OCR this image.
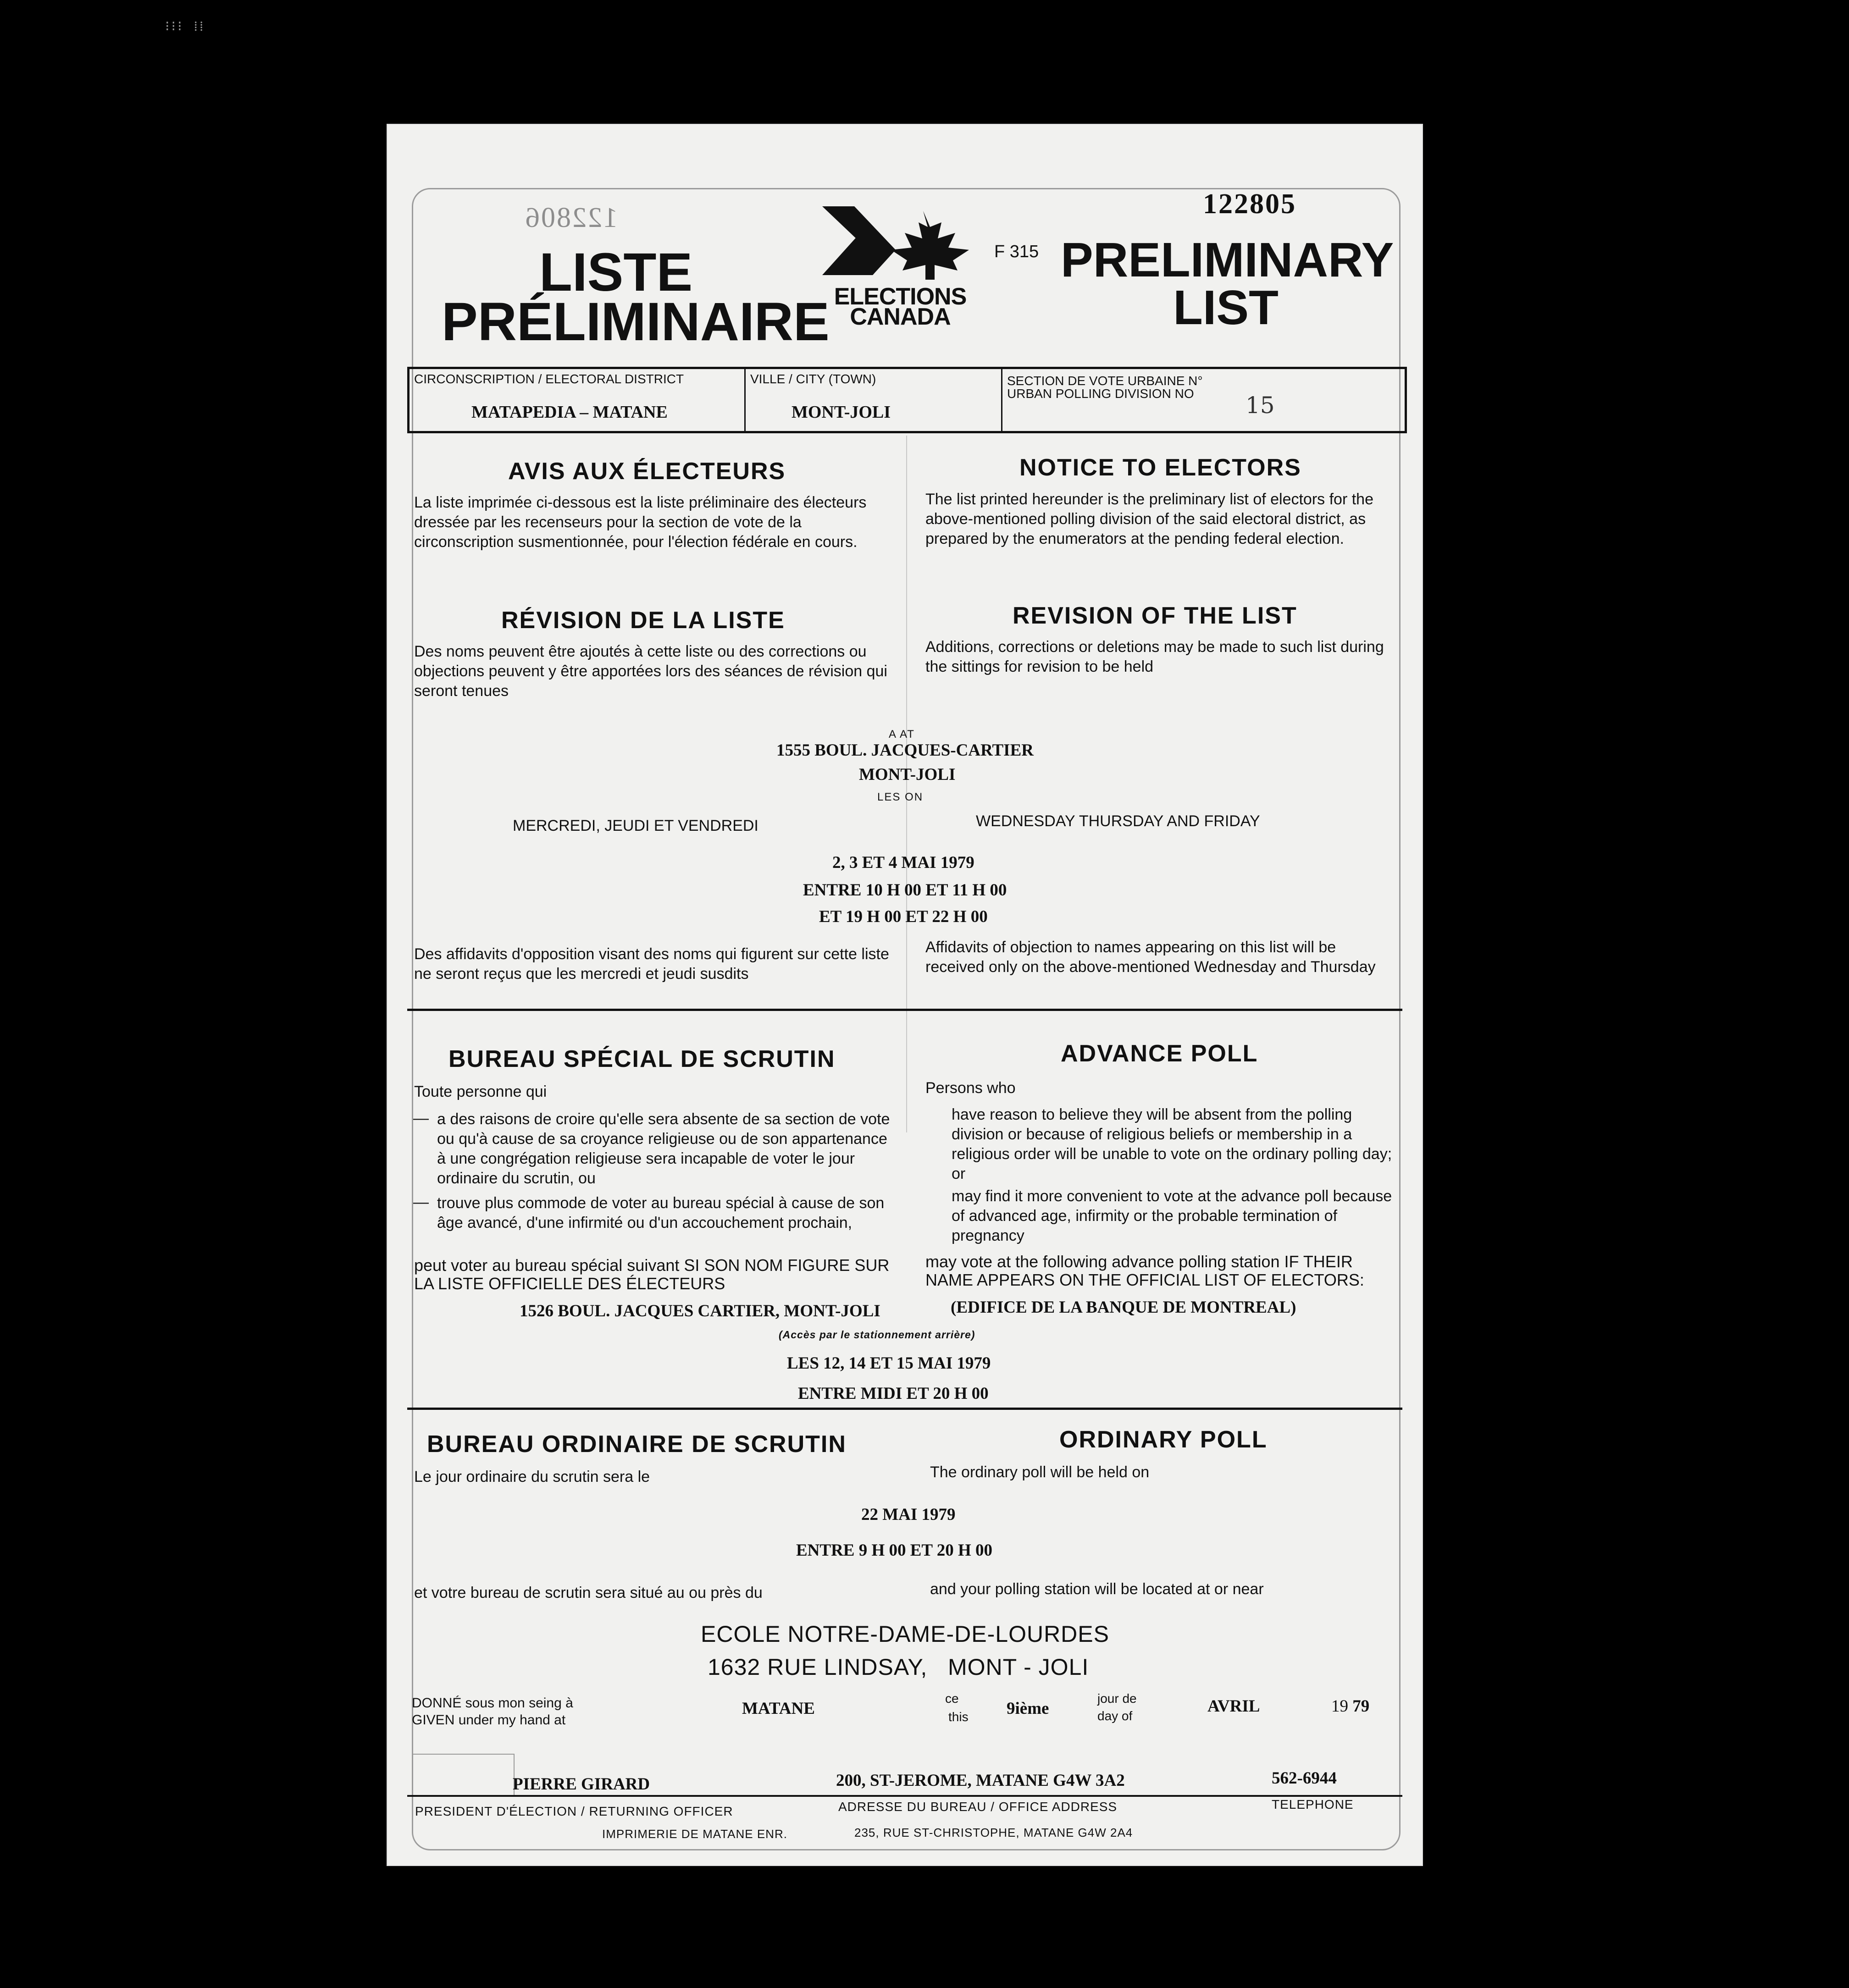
⁝⁝⁝ ⁞⁞
122806	122805
LISTE
PRÉLIMINAIRE ELECTIONS
CANADA
F 315 PRELIMINARY
LIST
CIRCONSCRIPTION / ELECTORAL DISTRICT
MATAPEDIA – MATANE
VILLE / CITY (TOWN)
MONT-JOLI
SECTION DE VOTE URBAINE N°
URBAN POLLING DIVISION NO 15
AVIS AUX ÉLECTEURS
La liste imprimée ci-dessous est la liste préliminaire des électeurs dressée par les recenseurs pour la section de vote de la circonscription susmentionnée, pour l'élection fédérale en cours.
NOTICE TO ELECTORS
The list printed hereunder is the preliminary list of electors for the above-mentioned polling division of the said electoral district, as prepared by the enumerators at the pending federal election.
RÉVISION DE LA LISTE
Des noms peuvent être ajoutés à cette liste ou des corrections ou objections peuvent y être apportées lors des séances de révision qui seront tenues
REVISION OF THE LIST
Additions, corrections or deletions may be made to such list during the sittings for revision to be held
A AT
1555 BOUL. JACQUES-CARTIER
MONT-JOLI
LES ON
MERCREDI, JEUDI ET VENDREDI	WEDNESDAY THURSDAY AND FRIDAY
2, 3 ET 4 MAI 1979
ENTRE 10 H 00 ET 11 H 00
ET 19 H 00 ET 22 H 00
Des affidavits d'opposition visant des noms qui figurent sur cette liste ne seront reçus que les mercredi et jeudi susdits
Affidavits of objection to names appearing on this list will be received only on the above-mentioned Wednesday and Thursday
BUREAU SPÉCIAL DE SCRUTIN
Toute personne qui
— a des raisons de croire qu'elle sera absente de sa section de vote ou qu'à cause de sa croyance religieuse ou de son appartenance à une congrégation religieuse sera incapable de voter le jour ordinaire du scrutin, ou
— trouve plus commode de voter au bureau spécial à cause de son âge avancé, d'une infirmité ou d'un accouchement prochain,
peut voter au bureau spécial suivant SI SON NOM FIGURE SUR LA LISTE OFFICIELLE DES ÉLECTEURS
ADVANCE POLL
Persons who
have reason to believe they will be absent from the polling division or because of religious beliefs or membership in a religious order will be unable to vote on the ordinary polling day; or
may find it more convenient to vote at the advance poll because of advanced age, infirmity or the probable termination of pregnancy
may vote at the following advance polling station IF THEIR NAME APPEARS ON THE OFFICIAL LIST OF ELECTORS:
1526 BOUL. JACQUES CARTIER, MONT-JOLI	(EDIFICE DE LA BANQUE DE MONTREAL)
(Accès par le stationnement arrière)
LES 12, 14 ET 15 MAI 1979
ENTRE MIDI ET 20 H 00
BUREAU ORDINAIRE DE SCRUTIN
Le jour ordinaire du scrutin sera le
ORDINARY POLL
The ordinary poll will be held on
22 MAI 1979
ENTRE 9 H 00 ET 20 H 00
et votre bureau de scrutin sera situé au ou près du	and your polling station will be located at or near
ECOLE NOTRE-DAME-DE-LOURDES
1632 RUE LINDSAY,   MONT - JOLI
DONNÉ sous mon seing à
GIVEN under my hand at
MATANE
ce
this 9ième
jour de
day of
AVRIL	19 79
PIERRE GIRARD	200, ST-JEROME, MATANE G4W 3A2	562-6944
PRESIDENT D'ÉLECTION / RETURNING OFFICER	ADRESSE DU BUREAU / OFFICE ADDRESS	TELEPHONE
IMPRIMERIE DE MATANE ENR.	235, RUE ST-CHRISTOPHE, MATANE G4W 2A4
